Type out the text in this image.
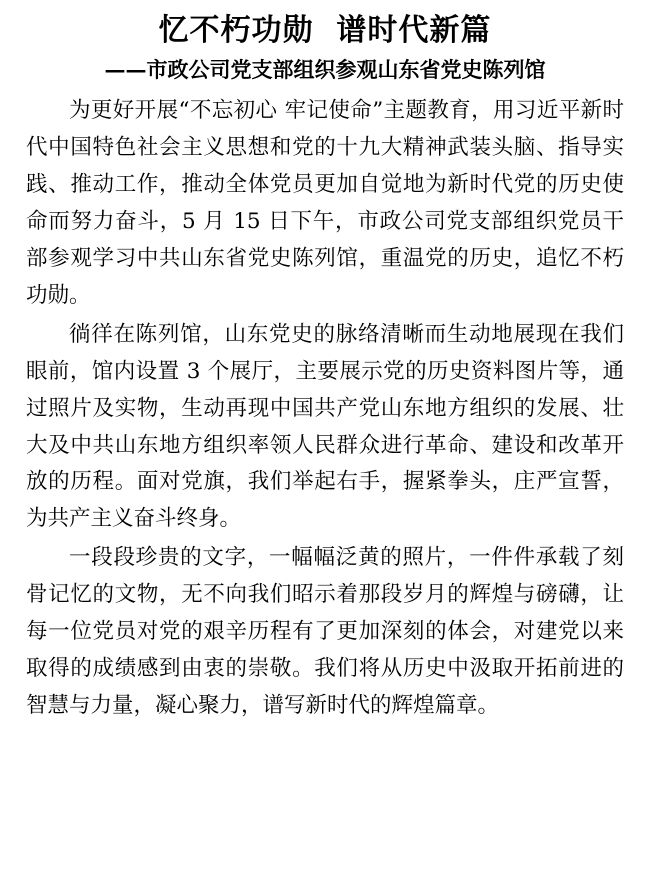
忆不朽功勋  谱时代新篇
——市政公司党支部组织参观山东省党史陈列馆

为更好开展“不忘初心 牢记使命”主题教育，用习近平新时代中国特色社会主义思想和党的十九大精神武装头脑、指导实践、推动工作，推动全体党员更加自觉地为新时代党的历史使命而努力奋斗，5 月 15 日下午，市政公司党支部组织党员干部参观学习中共山东省党史陈列馆，重温党的历史，追忆不朽功勋。

徜徉在陈列馆，山东党史的脉络清晰而生动地展现在我们眼前，馆内设置 3 个展厅，主要展示党的历史资料图片等，通过照片及实物，生动再现中国共产党山东地方组织的发展、壮大及中共山东地方组织率领人民群众进行革命、建设和改革开放的历程。面对党旗，我们举起右手，握紧拳头，庄严宣誓，为共产主义奋斗终身。

一段段珍贵的文字，一幅幅泛黄的照片，一件件承载了刻骨记忆的文物，无不向我们昭示着那段岁月的辉煌与磅礴，让每一位党员对党的艰辛历程有了更加深刻的体会，对建党以来取得的成绩感到由衷的崇敬。我们将从历史中汲取开拓前进的智慧与力量，凝心聚力，谱写新时代的辉煌篇章。
